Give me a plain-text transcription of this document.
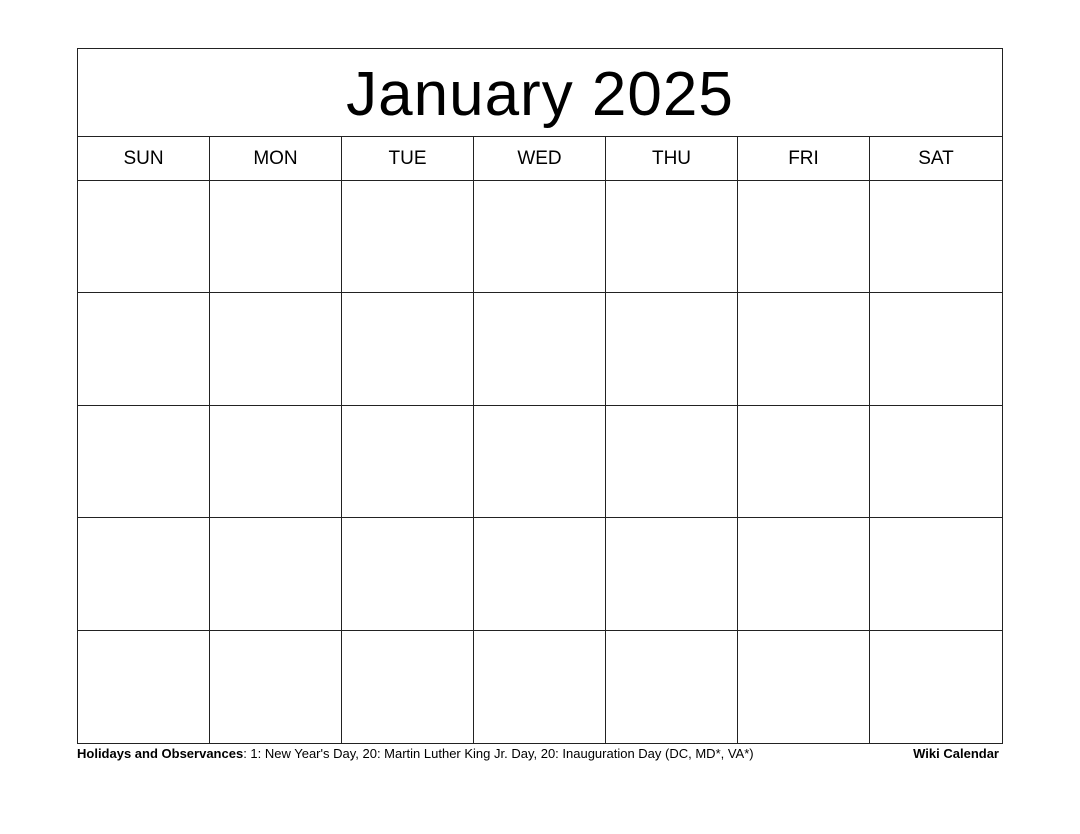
January 2025
SUN	MON	TUE	WED	THU	FRI	SAT
Holidays and Observances: 1: New Year's Day, 20: Martin Luther King Jr. Day, 20: Inauguration Day (DC, MD*, VA*)	Wiki Calendar
